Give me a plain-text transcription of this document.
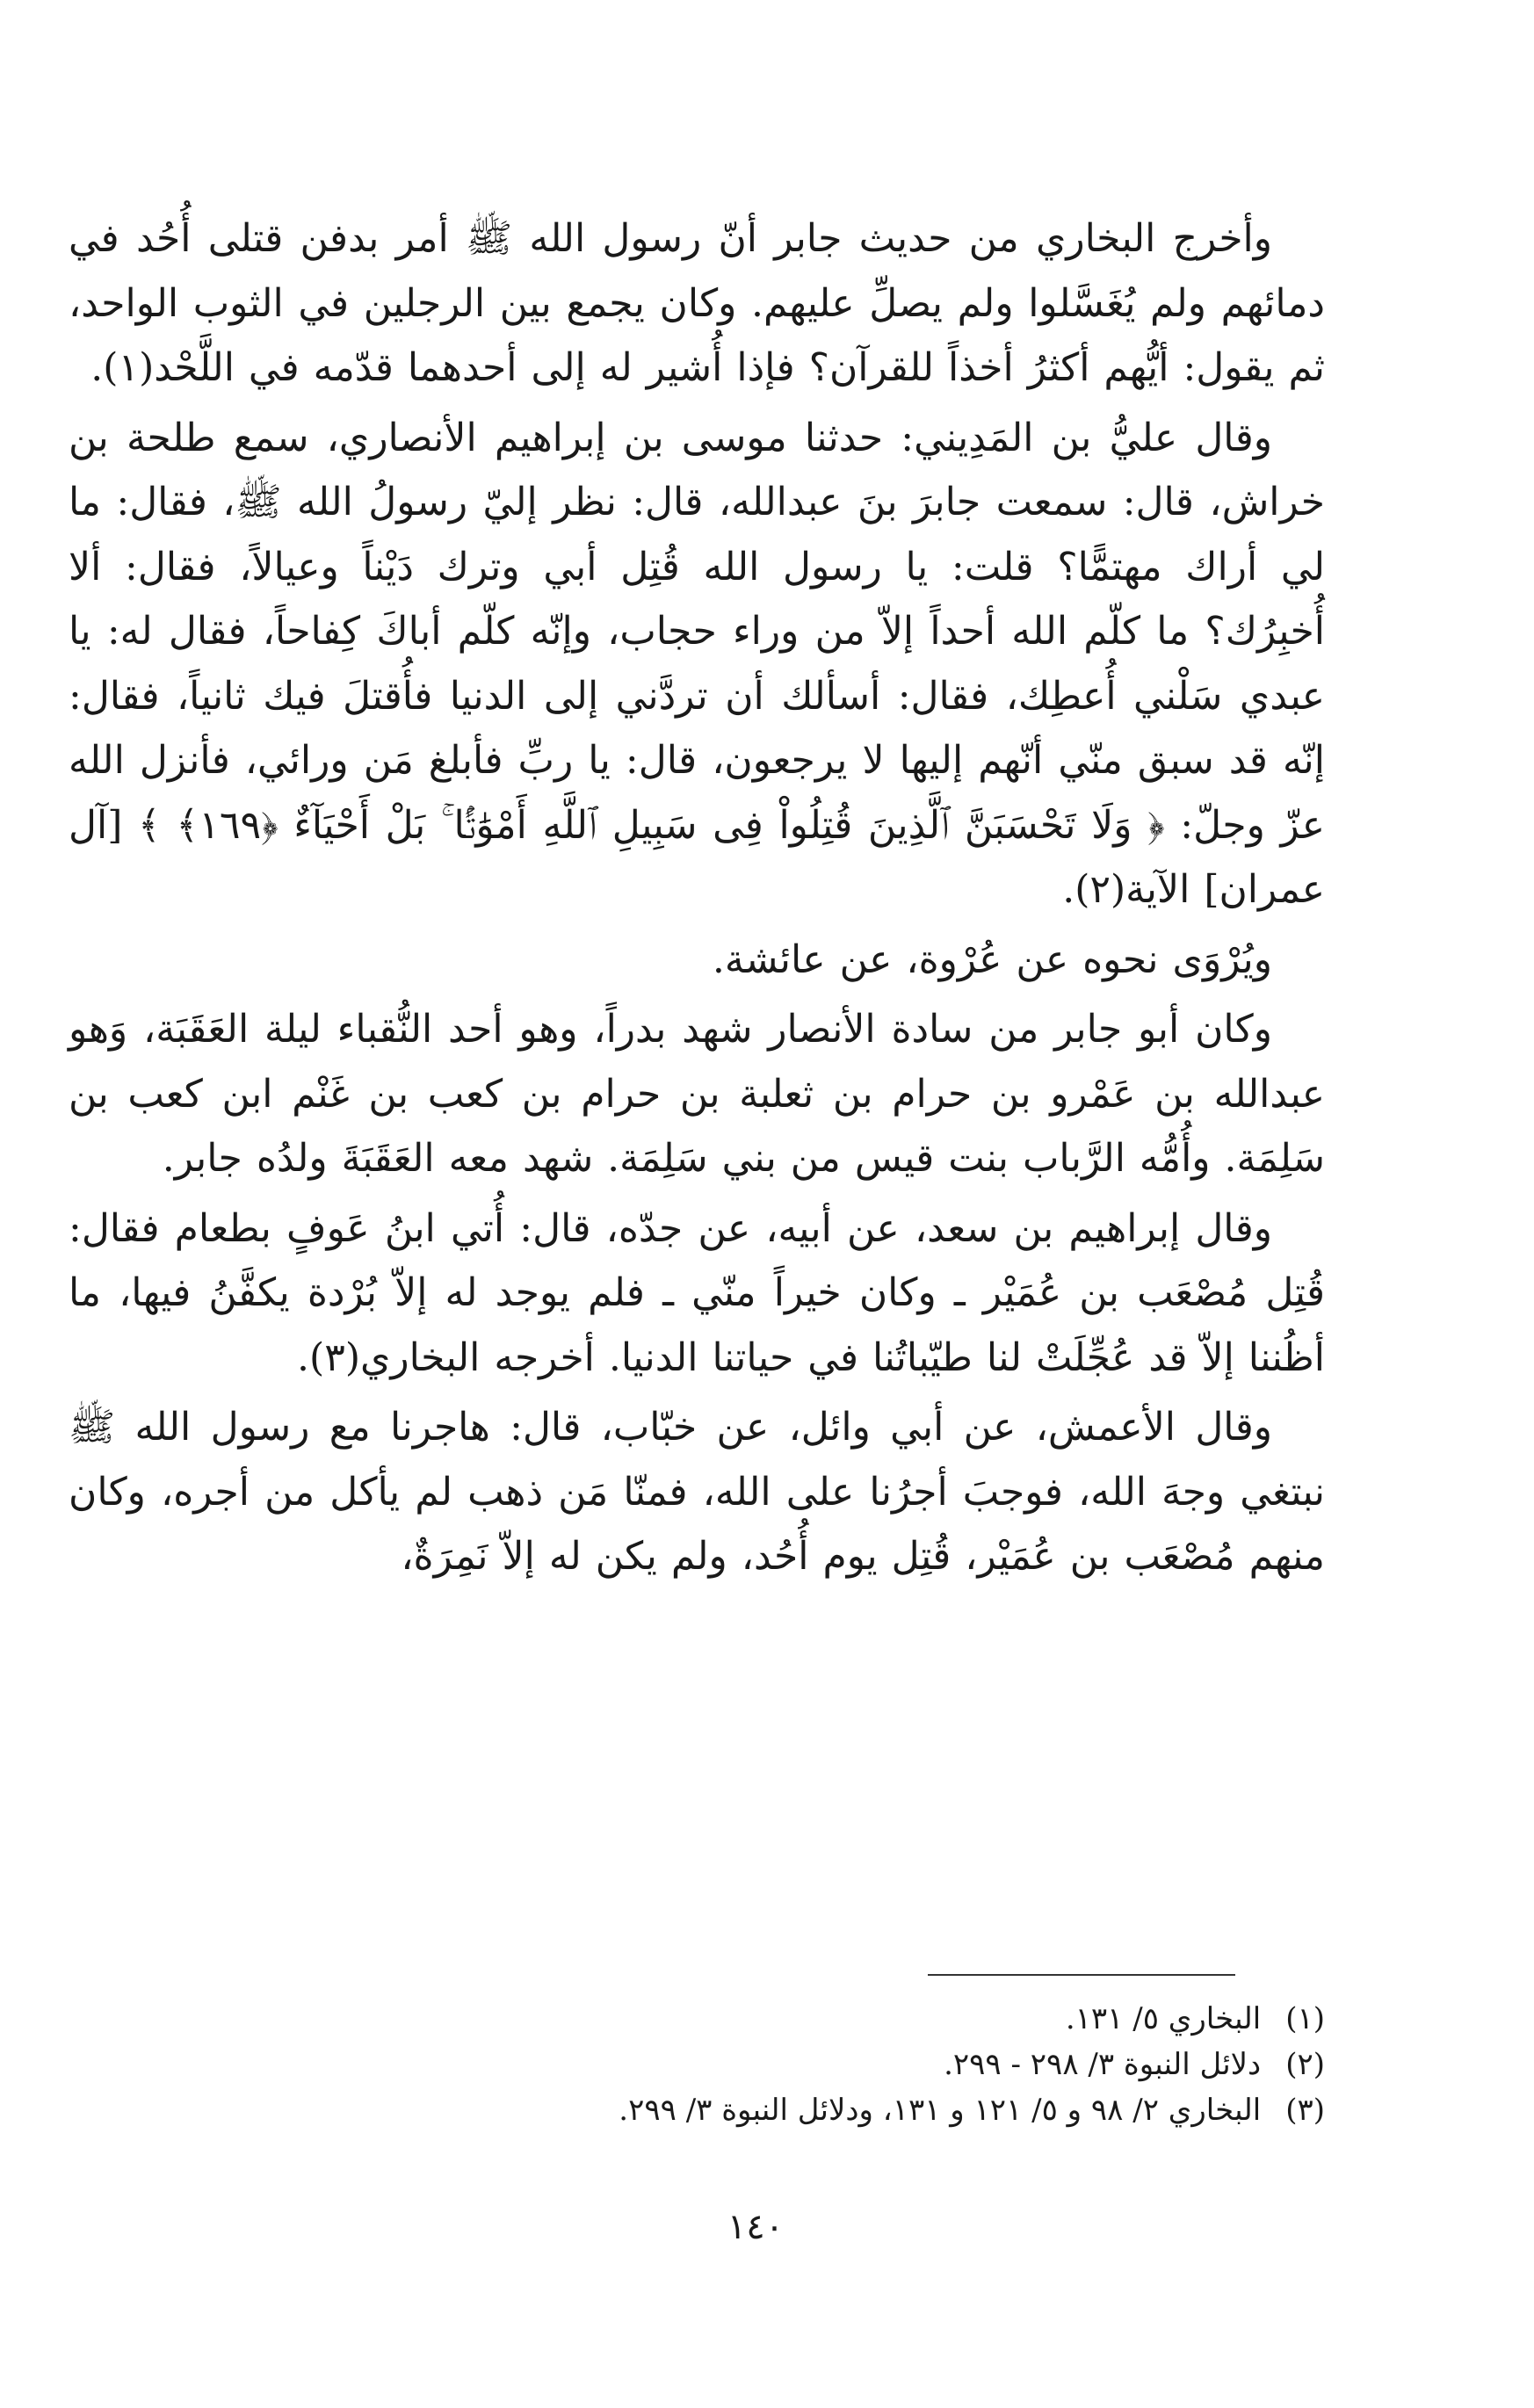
وأخرج البخاري من حديث جابر أنّ رسول الله ﷺ أمر بدفن قتلى أُحُد في دمائهم ولم يُغَسَّلوا ولم يصلِّ عليهم. وكان يجمع بين الرجلين في الثوب الواحد، ثم يقول: أيُّهم أكثرُ أخذاً للقرآن؟ فإذا أُشير له إلى أحدهما قدّمه في اللَّحْد(١).

وقال عليُّ بن المَدِيني: حدثنا موسى بن إبراهيم الأنصاري، سمع طلحة بن خراش، قال: سمعت جابرَ بنَ عبدالله، قال: نظر إليّ رسولُ الله ﷺ، فقال: ما لي أراك مهتمًّا؟ قلت: يا رسول الله قُتِل أبي وترك دَيْناً وعيالاً، فقال: ألا أُخبِرُك؟ ما كلّم الله أحداً إلاّ من وراء حجاب، وإنّه كلّم أباكَ كِفاحاً، فقال له: يا عبدي سَلْني أُعطِك، فقال: أسألك أن تردَّني إلى الدنيا فأُقتلَ فيك ثانياً، فقال: إنّه قد سبق منّي أنّهم إليها لا يرجعون، قال: يا ربِّ فأبلغ مَن ورائي، فأنزل الله عزّ وجلّ: ﴿ وَلَا تَحْسَبَنَّ ٱلَّذِينَ قُتِلُواْ فِى سَبِيلِ ٱللَّهِ أَمْوَٰتًۢا ۚ بَلْ أَحْيَآءٌ ﴿١٦٩﴾ ﴾ [آل عمران] الآية(٢).

ويُرْوَى نحوه عن عُرْوة، عن عائشة.

وكان أبو جابر من سادة الأنصار شهد بدراً، وهو أحد النُّقباء ليلة العَقَبَة، وَهو عبدالله بن عَمْرو بن حرام بن ثعلبة بن حرام بن كعب بن غَنْم ابن كعب بن سَلِمَة. وأُمُّه الرَّباب بنت قيس من بني سَلِمَة. شهد معه العَقَبَةَ ولدُه جابر.

وقال إبراهيم بن سعد، عن أبيه، عن جدّه، قال: أُتي ابنُ عَوفٍ بطعام فقال: قُتِل مُصْعَب بن عُمَيْر ـ وكان خيراً منّي ـ فلم يوجد له إلاّ بُرْدة يكفَّنُ فيها، ما أظُننا إلاّ قد عُجِّلَتْ لنا طيّباتُنا في حياتنا الدنيا. أخرجه البخاري(٣).

وقال الأعمش، عن أبي وائل، عن خبّاب، قال: هاجرنا مع رسول الله ﷺ نبتغي وجهَ الله، فوجبَ أجرُنا على الله، فمنّا مَن ذهب لم يأكل من أجره، وكان منهم مُصْعَب بن عُمَيْر، قُتِل يوم أُحُد، ولم يكن له إلاّ نَمِرَةٌ،

(١) البخاري ٥/ ١٣١.
(٢) دلائل النبوة ٣/ ٢٩٨ - ٢٩٩.
(٣) البخاري ٢/ ٩٨ و ٥/ ١٢١ و ١٣١، ودلائل النبوة ٣/ ٢٩٩.
١٤٠
